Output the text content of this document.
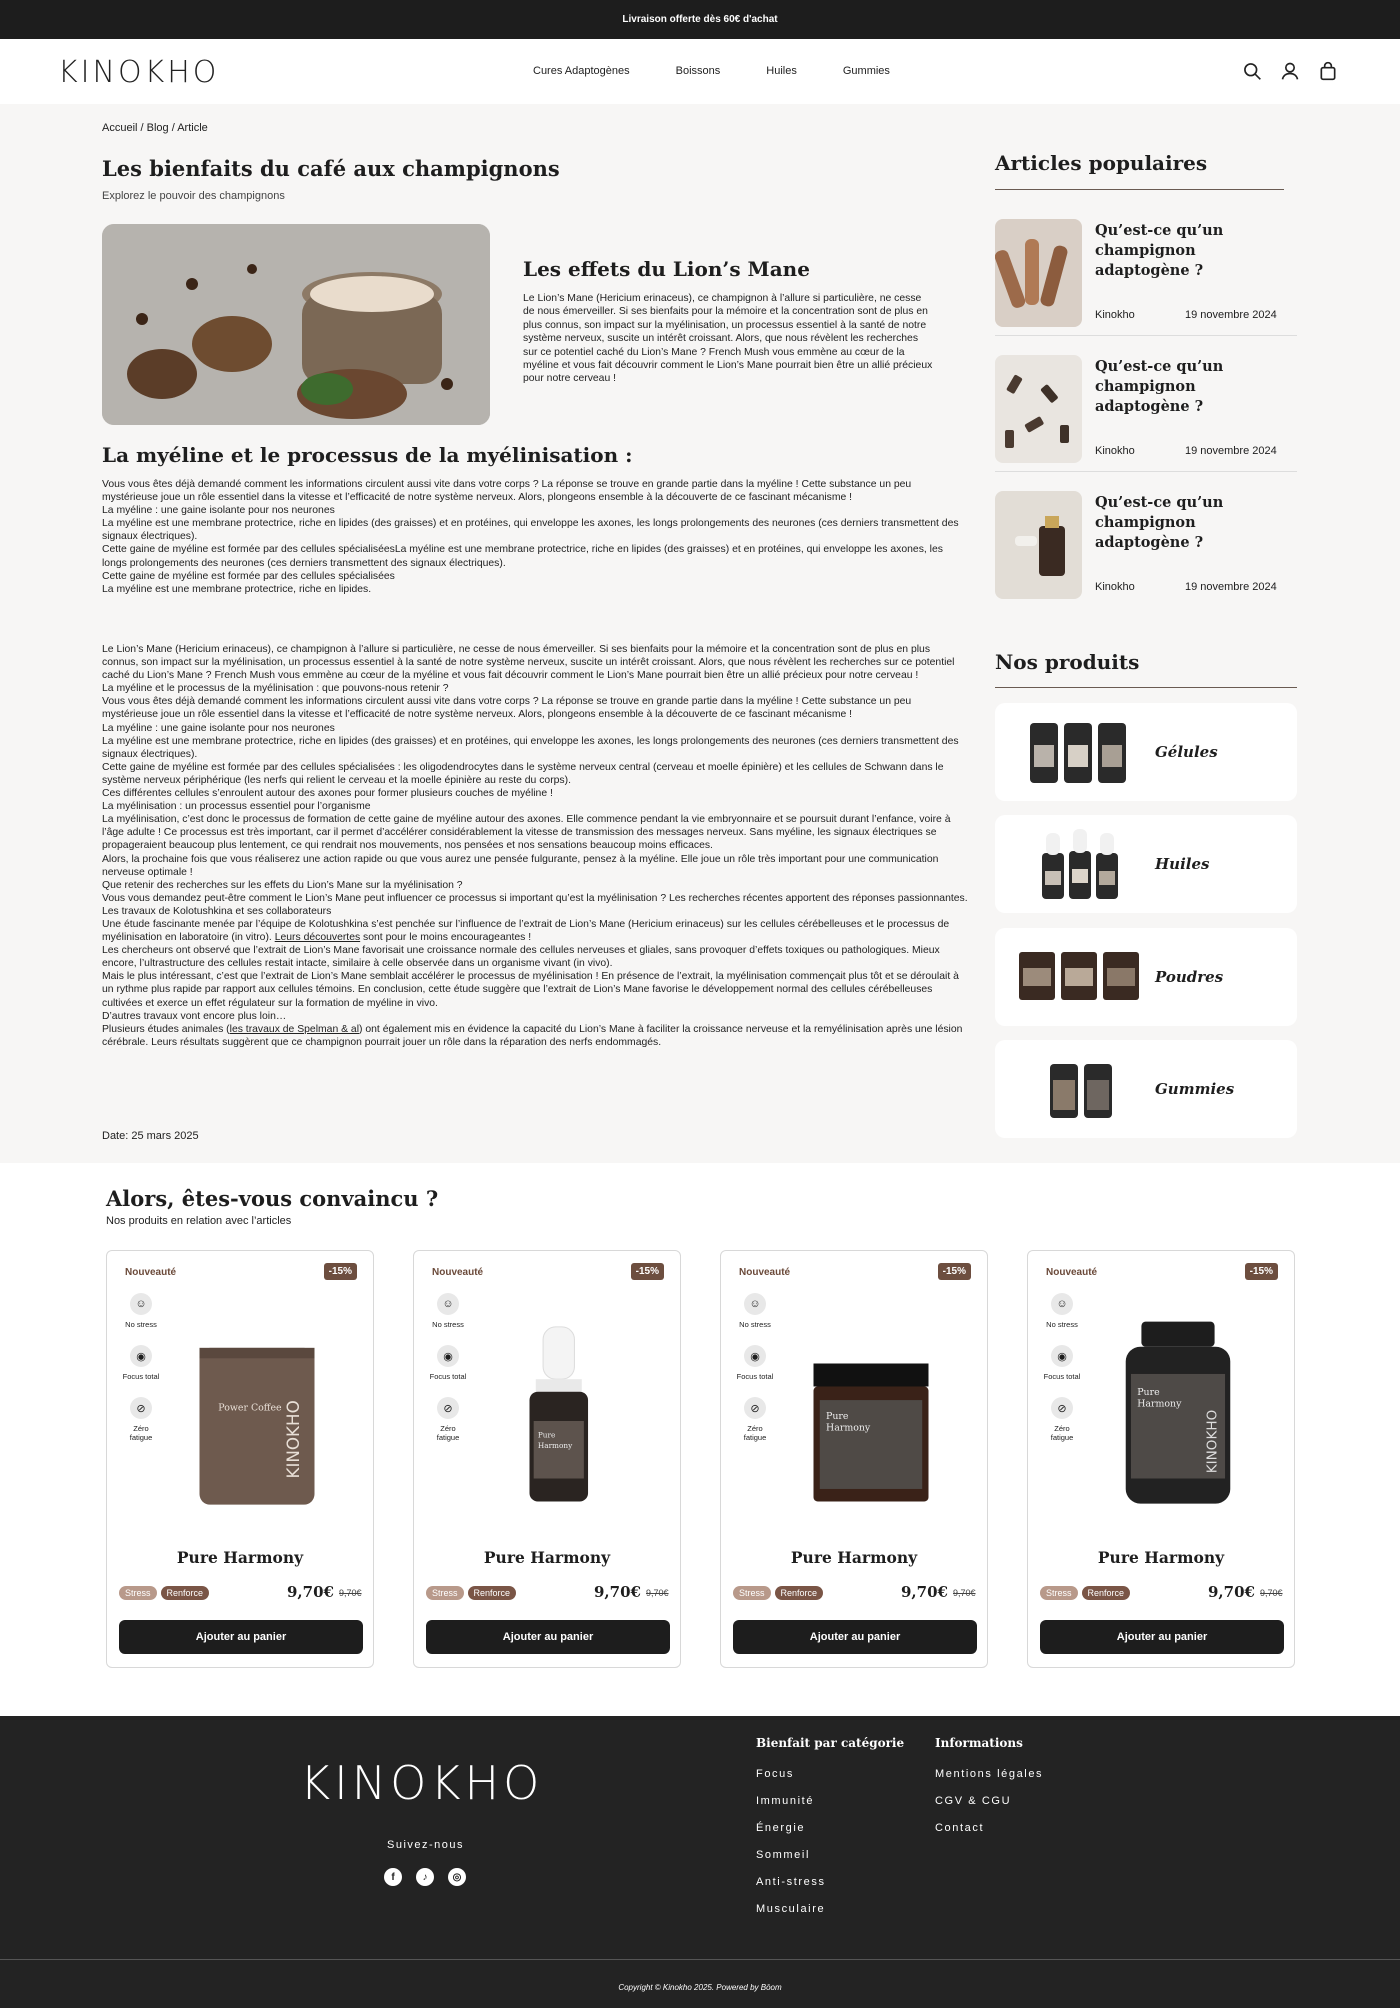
Livraison offerte dès 60€ d'achat
KINOKHO	Cures Adaptogènes	Boissons	Huiles	Gummies
Accueil / Blog / Article
Les bienfaits du café aux champignons
Explorez le pouvoir des champignons
Les effets du Lion’s Mane
Le Lion’s Mane (Hericium erinaceus), ce champignon à l’allure si particulière, ne cesse de nous émerveiller. Si ses bienfaits pour la mémoire et la concentration sont de plus en plus connus, son impact sur la myélinisation, un processus essentiel à la santé de notre système nerveux, suscite un intérêt croissant. Alors, que nous révèlent les recherches sur ce potentiel caché du Lion’s Mane ? French Mush vous emmène au cœur de la myéline et vous fait découvrir comment le Lion’s Mane pourrait bien être un allié précieux pour notre cerveau !
La myéline et le processus de la myélinisation :

Vous vous êtes déjà demandé comment les informations circulent aussi vite dans votre corps ? La réponse se trouve en grande partie dans la myéline ! Cette substance un peu mystérieuse joue un rôle essentiel dans la vitesse et l’efficacité de notre système nerveux. Alors, plongeons ensemble à la découverte de ce fascinant mécanisme !

La myéline : une gaine isolante pour nos neurones

La myéline est une membrane protectrice, riche en lipides (des graisses) et en protéines, qui enveloppe les axones, les longs prolongements des neurones (ces derniers transmettent des signaux électriques).

Cette gaine de myéline est formée par des cellules spécialiséesLa myéline est une membrane protectrice, riche en lipides (des graisses) et en protéines, qui enveloppe les axones, les longs prolongements des neurones (ces derniers transmettent des signaux électriques).

Cette gaine de myéline est formée par des cellules spécialisées

La myéline est une membrane protectrice, riche en lipides.

Le Lion’s Mane (Hericium erinaceus), ce champignon à l’allure si particulière, ne cesse de nous émerveiller. Si ses bienfaits pour la mémoire et la concentration sont de plus en plus connus, son impact sur la myélinisation, un processus essentiel à la santé de notre système nerveux, suscite un intérêt croissant. Alors, que nous révèlent les recherches sur ce potentiel caché du Lion’s Mane ? French Mush vous emmène au cœur de la myéline et vous fait découvrir comment le Lion’s Mane pourrait bien être un allié précieux pour notre cerveau !

La myéline et le processus de la myélinisation : que pouvons-nous retenir ?

Vous vous êtes déjà demandé comment les informations circulent aussi vite dans votre corps ? La réponse se trouve en grande partie dans la myéline ! Cette substance un peu mystérieuse joue un rôle essentiel dans la vitesse et l’efficacité de notre système nerveux. Alors, plongeons ensemble à la découverte de ce fascinant mécanisme !

La myéline : une gaine isolante pour nos neurones

La myéline est une membrane protectrice, riche en lipides (des graisses) et en protéines, qui enveloppe les axones, les longs prolongements des neurones (ces derniers transmettent des signaux électriques).

Cette gaine de myéline est formée par des cellules spécialisées : les oligodendrocytes dans le système nerveux central (cerveau et moelle épinière) et les cellules de Schwann dans le système nerveux périphérique (les nerfs qui relient le cerveau et la moelle épinière au reste du corps).

Ces différentes cellules s’enroulent autour des axones pour former plusieurs couches de myéline !

La myélinisation : un processus essentiel pour l’organisme

La myélinisation, c’est donc le processus de formation de cette gaine de myéline autour des axones. Elle commence pendant la vie embryonnaire et se poursuit durant l’enfance, voire à l’âge adulte ! Ce processus est très important, car il permet d’accélérer considérablement la vitesse de transmission des messages nerveux. Sans myéline, les signaux électriques se propageraient beaucoup plus lentement, ce qui rendrait nos mouvements, nos pensées et nos sensations beaucoup moins efficaces.

Alors, la prochaine fois que vous réaliserez une action rapide ou que vous aurez une pensée fulgurante, pensez à la myéline. Elle joue un rôle très important pour une communication nerveuse optimale !

Que retenir des recherches sur les effets du Lion’s Mane sur la myélinisation ?

Vous vous demandez peut-être comment le Lion’s Mane peut influencer ce processus si important qu’est la myélinisation ? Les recherches récentes apportent des réponses passionnantes.

Les travaux de Kolotushkina et ses collaborateurs

Une étude fascinante menée par l’équipe de Kolotushkina s’est penchée sur l’influence de l’extrait de Lion’s Mane (Hericium erinaceus) sur les cellules cérébelleuses et le processus de myélinisation en laboratoire (in vitro). Leurs découvertes sont pour le moins encourageantes !

Les chercheurs ont observé que l’extrait de Lion’s Mane favorisait une croissance normale des cellules nerveuses et gliales, sans provoquer d’effets toxiques ou pathologiques. Mieux encore, l’ultrastructure des cellules restait intacte, similaire à celle observée dans un organisme vivant (in vivo).

Mais le plus intéressant, c’est que l’extrait de Lion’s Mane semblait accélérer le processus de myélinisation ! En présence de l’extrait, la myélinisation commençait plus tôt et se déroulait à un rythme plus rapide par rapport aux cellules témoins. En conclusion, cette étude suggère que l’extrait de Lion’s Mane favorise le développement normal des cellules cérébelleuses cultivées et exerce un effet régulateur sur la formation de myéline in vivo.

D’autres travaux vont encore plus loin…

Plusieurs études animales (les travaux de Spelman & al) ont également mis en évidence la capacité du Lion’s Mane à faciliter la croissance nerveuse et la remyélinisation après une lésion cérébrale. Leurs résultats suggèrent que ce champignon pourrait jouer un rôle dans la réparation des nerfs endommagés.

Date: 25 mars 2025
Articles populaires
Qu’est-ce qu’un champignon adaptogène ?
Kinokho	19 novembre 2024
Qu’est-ce qu’un champignon adaptogène ?
Kinokho	19 novembre 2024
Qu’est-ce qu’un champignon adaptogène ?
Kinokho	19 novembre 2024
Nos produits
Gélules
Huiles
Poudres
Gummies
Alors, êtes-vous convaincu ?
Nos produits en relation avec l’articles
Nouveauté	-15%
☺
No stress
◉
Focus total
⊘
Zéro fatigue
Power Coffee KINOKHO
Pure Harmony
Stress	Renforce	9,70€ 9,70€
Ajouter au panier
Nouveauté	-15%
☺
No stress
◉
Focus total
⊘
Zéro fatigue	Pure
Harmony
Pure Harmony
Stress	Renforce	9,70€ 9,70€
Ajouter au panier
Nouveauté	-15%
☺
No stress
◉
Focus total
⊘
Zéro fatigue
Pure
Harmony
Pure Harmony
Stress	Renforce	9,70€ 9,70€
Ajouter au panier
Nouveauté	-15%
☺
No stress
◉
Focus total
⊘
Zéro fatigue
Pure
Harmony
KINOKHO
Pure Harmony
Stress	Renforce	9,70€ 9,70€
Ajouter au panier
KINOKHO
Suivez-nous
f	♪	◎
Bienfait par catégorie
Focus
Immunité
Énergie
Sommeil
Anti-stress
Musculaire
Informations
Mentions légales
CGV & CGU
Contact
Copyright © Kinokho 2025. Powered by Bōom
